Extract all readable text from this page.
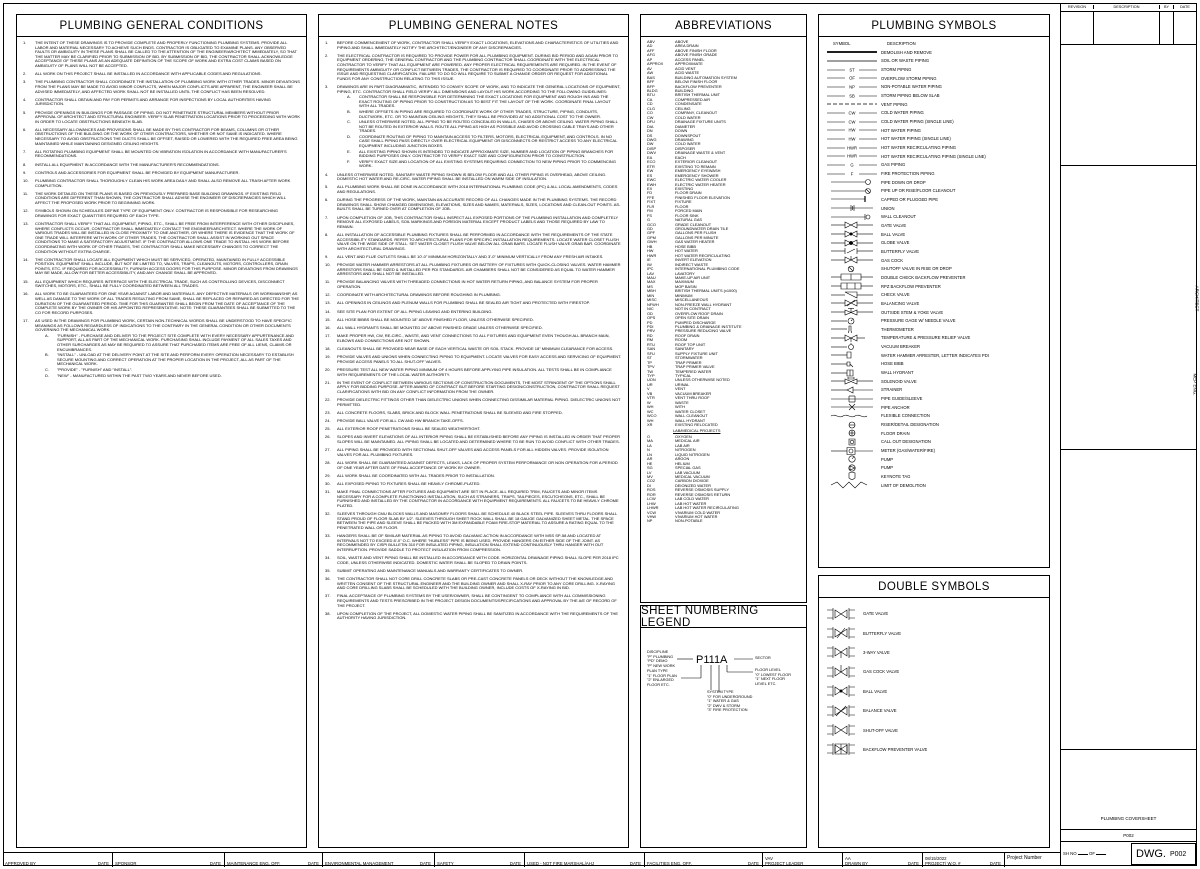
PLUMBING GENERAL CONDITIONS
1.	THE INTENT OF THESE DRAWINGS IS TO PROVIDE COMPLETE AND PROPERLY FUNCTIONING PLUMBING SYSTEMS. PROVIDE ALL LABOR AND MATERIAL NECESSARY TO ACHIEVE SUCH ENDS. CONTRACTOR IS OBLIGATED TO EXAMINE PLANS. ANY OBSERVED FAULTS OR AMBIGUITY IN THESE PLANS SHALL BE CALLED TO THE ATTENTION OF THE ENGINEER/ARCHITECT IMMEDIATELY, SO THAT THE MATTER MAY BE CLARIFIED PRIOR TO SUBMISSION OF BID. BY SUBMISSION OF BID, THE CONTRACTOR SHALL ACKNOWLEDGE ACCEPTANCE OF THESE PLANS AS AN ADEQUATE DEFINITION OF THE SCOPE OF WORK AND EXTRA COST CLAIMS BASED ON AMBIGUITY OF PLANS WILL NOT BE ACCEPTED.
2.	ALL WORK ON THIS PROJECT SHALL BE INSTALLED IN ACCORDANCE WITH APPLICABLE CODES AND REGULATIONS.
3.	THE PLUMBING CONTRACTOR SHALL COORDINATE THE INSTALLATION OF PLUMBING WORK WITH OTHER TRADES. MINOR DEVIATIONS FROM THE PLANS MAY BE MADE TO AVOID MINOR CONFLICTS, WHEN MAJOR CONFLICTS ARE APPARENT, THE ENGINEER SHALL BE ADVISED IMMEDIATELY, AND AFFECTED WORK SHALL NOT BE INSTALLED UNTIL THE CONFLICT HAS BEEN RESOLVED.
4.	CONTRACTOR SHALL OBTAIN AND PAY FOR PERMITS AND ARRANGE FOR INSPECTIONS BY LOCAL AUTHORITIES HAVING JURISDICTION.
5.	PROVIDE OPENINGS IN BUILDINGS FOR PASSAGE OF PIPING. DO NOT PENETRATE STRUCTURAL MEMBERS WITHOUT PRIOR APPROVAL OF ARCHITECT AND STRUCTURAL ENGINEER. VERIFY SLAB PENETRATION LOCATIONS PRIOR TO PROCEEDING WITH WORK IN ORDER TO LOCATE OBSTRUCTIONS BENEATH SLAB.
6.	ALL NECESSARY ALLOWANCES AND PROVISIONS SHALL BE MADE BY THIS CONTRACTOR FOR BEAMS, COLUMNS OR OTHER OBSTRUCTIONS OF THE BUILDING OR THE WORK OF OTHER CONTRACTORS, WHETHER OR NOT SAME IS INDICATED. WHERE NECESSARY TO AVOID OBSTRUCTIONS THE DUCTS SHALL BE OFFSET, RAISED OR LOWERED WITH THE REQUIRED FREE AREA BEING MAINTAINED WHILE MAINTAINING DESIGNED CEILING HEIGHTS.
7.	ALL ROTATING PLUMBING EQUIPMENT SHALL BE MOUNTED ON VIBRATION ISOLATION IN ACCORDANCE WITH MANUFACTURER'S RECOMMENDATIONS.
8.	INSTALL ALL EQUIPMENT IN ACCORDANCE WITH THE MANUFACTURER'S RECOMMENDATIONS.
9.	CONTROLS AND ACCESSORIES FOR EQUIPMENT SHALL BE PROVIDED BY EQUIPMENT MANUFACTURER.
10.	PLUMBING CONTRACTOR SHALL THOROUGHLY CLEAN HIS WORK AREA DAILY AND SHALL ALSO REMOVE ALL TRASH AFTER WORK COMPLETION.
11.	THE WORK DETAILED ON THESE PLANS IS BASED ON PREVIOUSLY PREPARED BASE BUILDING DRAWINGS. IF EXISTING FIELD CONDITIONS ARE DIFFERENT THAN SHOWN, THE CONTRACTOR SHALL ADVISE THE ENGINEER OF DISCREPANCIES WHICH WILL AFFECT THE PROPOSED WORK PRIOR TO BEGINNING WORK.
12.	SYMBOLS SHOWN ON SCHEDULES DEFINE TYPE OF EQUIPMENT ONLY. CONTRACTOR IS RESPONSIBLE FOR RESEARCHING DRAWINGS FOR EXACT QUANTITIES REQUIRED OF EACH TYPE.
13.	CONTRACTOR SHALL VERIFY THAT ALL EQUIPMENT, PIPING, ETC., SHALL BE FREE FROM INTERFERENCE WITH OTHER DISCIPLINES, WHERE CONFLICTS OCCUR, CONTRACTOR SHALL IMMEDIATELY CONTACT THE ENGINEER/ARCHITECT. WHERE THE WORK OF VARIOUS TRADES WILL BE INSTALLED IN CLOSE PROXIMITY TO ONE ANOTHER, OR WHERE THERE IS EVIDENCE THAT THE WORK OF ONE TRADE WILL INTERFERE WITH WORK OF OTHER TRADES, THE CONTRACTOR SHALL ASSIST IN WORKING OUT SPACE CONDITIONS TO MAKE A SATISFACTORY ADJUSTMENT. IF THE CONTRACTOR ALLOWS ONE TRADE TO INSTALL HIS WORK BEFORE COORDINATING WITH WORK OF OTHER TRADES, THE CONTRACTOR SHALL MAKE NECESSARY CHANGES TO CORRECT THE CONDITION WITHOUT EXTRA CHARGE.
14.	THE CONTRACTOR SHALL LOCATE ALL EQUIPMENT WHICH MUST BE SERVICED, OPERATED, MAINTAINED IN FULLY ACCESSIBLE POSITION. EQUIPMENT SHALL INCLUDE, BUT NOT BE LIMITED TO, VALVES, TRAPS, CLEANOUTS, MOTORS, CONTROLLERS, DRAIN POINTS, ETC. IF REQUIRED FOR ACCESSIBILITY, FURNISH ACCESS DOORS FOR THIS PURPOSE. MINOR DEVIATIONS FROM DRAWINGS MAY BE MADE, ALLOW FOR BETTER ACCESSIBILITY, AND ANY CHANGE SHALL BE APPROVED.
15.	ALL EQUIPMENT WHICH REQUIRES INTERFACE WITH THE ELECTRICAL TRADE, SUCH AS CONTROLLING DEVICES, DISCONNECT SWITCHES, MOTORS, ETC., SHALL BE FULLY COORDINATED BETWEEN ALL TRADES.
16.	ALL WORK TO BE GUARANTEED FOR ONE YEAR AGAINST LABOR AND MATERIALS. ANY DEFECTIVE MATERIALS OR WORKMANSHIP, AS WELL AS DAMAGE TO THE WORK OF ALL TRADES RESULTING FROM SAME, SHALL BE REPLACED OR REPAIRED AS DIRECTED FOR THE DURATION OF THE GUARANTEED PERIOD. TIME FOR THIS GUARANTEE SHALL BEGIN FROM THE DATE OF ACCEPTANCE OF THE COMPLETE WORK BY THE OWNER OR HIS APPOINTED REPRESENTATIVE. NOTE: THESE GUARANTEES SHALL BE SUBMITTED TO THE CO FOR RECORD PURPOSES.
17.	AS USED IN THE DRAWINGS FOR PLUMBING WORK, CERTAIN NON-TECHNICAL WORDS SHALL BE UNDERSTOOD TO HAVE SPECIFIC MEANINGS AS FOLLOWS REGARDLESS OF INDICATIONS TO THE CONTRARY IN THE GENERAL CONDITION OR OTHER DOCUMENTS GOVERNING THE MECHANICAL WORK.
A.	"FURNISH" - PURCHASE AND DELIVER TO THE PROJECT SITE COMPLETE WITH EVERY NECESSARY APPURTENANCE AND SUPPORT, ALL AS PART OF THE MECHANICAL WORK. PURCHASING SHALL INCLUDE PAYMENT OF ALL SALES TAXES AND OTHER SURCHARGES AS MAY BE REQUIRED TO ASSURE THAT PURCHASED ITEMS ARE FREE OF ALL LIENS, CLAIMS OR ENCUMBRANCES.
B.	"INSTALL" - UNLOAD AT THE DELIVERY POINT AT THE SITE AND PERFORM EVERY OPERATION NECESSARY TO ESTABLISH SECURE MOUNTING AND CORRECT OPERATION AT THE PROPER LOCATION IN THE PROJECT, ALL AS PART OF THE MECHANICAL WORK.
C.	"PROVIDE" - "FURNISH" AND "INSTALL".
D.	"NEW" - MANUFACTURED WITHIN THE PAST TWO YEARS AND NEVER BEFORE USED.
PLUMBING GENERAL NOTES
1.	BEFORE COMMENCEMENT OF WORK, CONTRACTOR SHALL VERIFY EXACT LOCATIONS, ELEVATIONS AND CHARACTERISTICS OF UTILITIES AND PIPING AND SHALL IMMEDIATELY NOTIFY THE ARCHITECT/ENGINEER OF ANY DISCREPANCIES.
2.	THE ELECTRICAL CONTRACTOR IS REQUIRED TO PROVIDE POWER FOR ALL PLUMBING EQUIPMENT. DURING BID PERIOD AND AGAIN PRIOR TO EQUIPMENT ORDERING, THE GENERAL CONTRACTOR AND THE PLUMBING CONTRACTOR SHALL COORDINATE WITH THE ELECTRICAL CONTRACTOR TO VERIFY THAT ALL EQUIPMENT ARE POWERED. ANY PROPER ELECTRICAL REQUIREMENTS ARE REQUIRED. IN THE EVENT OF REQUIREMENTS AMBIGUITY OR CONFLICT BETWEEN TRADES, THE CONTRACTOR IS REQUIRED TO COORDINATE PRIOR TO ADDRESSING THE ISSUE AND REQUESTING CLARIFICATION. FAILURE TO DO SO WILL REQUIRE TO SUBMIT A CHANGE ORDER OR REQUEST FOR ADDITIONAL FUNDS FOR ANY CONSTRUCTION RELATING TO THIS ISSUE.
3.	DRAWINGS ARE IN PART DIAGRAMMATIC, INTENDED TO CONVEY SCOPE OF WORK, AND TO INDICATE THE GENERAL LOCATIONS OF EQUIPMENT, PIPING, ETC. CONTRACTOR SHALL FIELD VERIFY ALL DIMENSIONS AND LAYOUT HIS WORK ACCORDING TO THE FOLLOWING GUIDELINES:
A.	CONTRACTOR SHALL BE RESPONSIBLE FOR DETERMINING THE EXACT LOCATIONS FOR EQUIPMENT AND ROUGH INS AND THE EXACT ROUTING OF PIPING PRIOR TO CONSTRUCTION AS TO BEST FIT THE LAYOUT OF THE WORK. COORDINATE FINAL LAYOUT WITH ALL TRADES.
B.	WHERE OFFSETS IN PIPING ARE REQUIRED TO COORDINATE WORK OF OTHER TRADES, STRUCTURE, PIPING, CONDUITS, DUCTWORK, ETC. OR TO MAINTAIN CEILING HEIGHTS, THEY SHALL BE PROVIDED AT NO ADDITIONAL COST TO THE OWNER.
C.	UNLESS OTHERWISE NOTED, ALL PIPING TO BE ROUTED CONCEALED IN WALLS, CHASES OR ABOVE CEILING. WATER PIPING SHALL NOT BE ROUTED IN EXTERIOR WALLS. ROUTE ALL PIPING AS HIGH AS POSSIBLE AND AVOID CROSSING CABLE TRAYS AND OTHER TRADES.
D.	COORDINATE ROUTING OF PIPING TO MAINTAIN ACCESS TO FILTERS, MOTORS, ELECTRICAL EQUIPMENT, AND CONTROLS. IN NO CASE SHALL PIPING PASS DIRECTLY OVER ELECTRICAL EQUIPMENT OR DISCONNECTS OR RESTRICT ACCESS TO ANY ELECTRICAL EQUIPMENT INCLUDING JUNCTION BOXES.
E.	ALL EXISTING PIPING SHOWN IS INTENDED TO INDICATE APPROXIMATE SIZE, NUMBER AND LOCATION OF PIPING BRANCHES FOR BIDDING PURPOSES ONLY. CONTRACTOR TO VERIFY EXACT SIZE AND CONFIGURATION PRIOR TO CONSTRUCTION.
F.	VERIFY EXACT SIZE AND LOCATION OF ALL EXISTING SYSTEMS REQUIRING CONNECTION TO NEW PIPING PRIOR TO COMMENCING WORK.
4.	UNLESS OTHERWISE NOTED, SANITARY WASTE PIPING SHOWN IS BELOW FLOOR AND ALL OTHER PIPING IS OVERHEAD, ABOVE CEILING. DOMESTIC HOT WATER AND RE-CIRC. WATER PIPING SHALL BE INSTALLED ON WARM SIDE OF INSULATION.
5.	ALL PLUMBING WORK SHALL BE DONE IN ACCORDANCE WITH 2018 INTERNATIONAL PLUMBING CODE (IPC) & ALL LOCAL AMENDMENTS, CODES AND REGULATIONS.
6.	DURING THE PROGRESS OF THE WORK, MAINTAIN AN ACCURATE RECORD OF ALL CHANGES MADE IN THE PLUMBING SYSTEMS. THE RECORD DRAWINGS SHALL SHOW CHANGED DIMENSIONS, ELEVATIONS, SIZES AND NAMES, MATERIALS, SIZES, LOCATIONS AND CLEAN-OUT POINTS. AS-BUILTS SHALL BE TURNED OVER AT COMPLETION OF JOB.
7.	UPON COMPLETION OF JOB, THIS CONTRACTOR SHALL INSPECT ALL EXPOSED PORTIONS OF THE PLUMBING INSTALLATION AND COMPLETELY REMOVE ALL EXPOSED LABELS, SOIL MARKINGS AND FOREIGN MATERIAL EXCEPT PRODUCT LABELS AND THOSE REQUIRED BY LAW TO REMAIN.
8.	ALL INSTALLATION OF ACCESSIBLE PLUMBING FIXTURES SHALL BE PERFORMED IN ACCORDANCE WITH THE REQUIREMENTS OF THE STATE ACCESSIBILITY STANDARDS. REFER TO ARCHITECTURAL PLANS FOR SPECIFIC INSTALLATION REQUIREMENTS. LOCATE WATER CLOSET FLUSH VALVE ON THE WIDE SIDE OF STALL. SET WATER CLOSET FLUSH VALVE BELOW ALL GRAB BARS. LOCATE FLUSH VALVE GRAB BAR. COORDINATE WITH ARCHITECTURAL DRAWINGS.
9.	ALL VENT AND FLUE OUTLETS SHALL BE 10'-0" MINIMUM HORIZONTALLY AND 3'-0" MINIMUM VERTICALLY FROM ANY FRESH AIR INTAKES.
10.	PROVIDE WATER HAMMER ARRESTORS AT ALL PLUMBING FIXTURES OR BATTERY OF FIXTURES WITH QUICK-CLOSING VALVES. WATER HAMMER ARRESTORS SHALL BE SIZED & INSTALLED PER PDI STANDARDS. AIR CHAMBERS SHALL NOT BE CONSIDERED AS EQUAL TO WATER HAMMER ARRESTORS AND SHALL NOT BE INSTALLED.
11.	PROVIDE BALANCING VALVES WITH THREADED CONNECTIONS IN HOT WATER RETURN PIPING, AND BALANCE SYSTEM FOR PROPER OPERATION.
12.	COORDINATE WITH ARCHITECTURAL DRAWINGS BEFORE ROUGHING IN PLUMBING.
13.	ALL OPENINGS IN CEILINGS AND PLENUM WALLS FOR PLUMBING SHALL BE SEALED AIR TIGHT AND PROTECTED WITH FIRESTOP.
14.	SEE SITE PLAN FOR EXTENT OF ALL PIPING LEAVING AND ENTERING BUILDING.
15.	ALL HOSE BIBBS SHALL BE MOUNTED 18" ABOVE FINISHED FLOOR, UNLESS OTHERWISE SPECIFIED.
16.	ALL WALL HYDRANTS SHALL BE MOUNTED 24" ABOVE FINISHED GRADE UNLESS OTHERWISE SPECIFIED.
17.	MAKE PROPER HW, CW, RE-CIRC., WASTE, AND VENT CONNECTIONS TO ALL FIXTURES AND EQUIPMENT EVEN THOUGH ALL BRANCH MAIN, ELBOWS AND CONNECTIONS ARE NOT SHOWN.
18.	CLEANOUTS SHALL BE PROVIDED NEAR BASE OF EACH VERTICAL WASTE OR SOIL STACK. PROVIDE 18" MINIMUM CLEARANCE FOR ACCESS.
19.	PROVIDE VALVES AND UNIONS WHEN CONNECTING PIPING TO EQUIPMENT. LOCATE VALVES FOR EASY ACCESS AND SERVICING OF EQUIPMENT. PROVIDE ACCESS PANELS TO ALL SHUT-OFF VALVES.
20.	PRESSURE TEST ALL NEW WATER PIPING MINIMUM OF 4 HOURS BEFORE APPLYING PIPE INSULATION. ALL TESTS SHALL BE IN COMPLIANCE WITH REQUIREMENTS OF THE LOCAL WATER AUTHORITY.
21.	IN THE EVENT OF CONFLICT BETWEEN VARIOUS SECTIONS OF CONSTRUCTION DOCUMENTS, THE MOST STRINGENT OF THE OPTIONS SHALL APPLY FOR BIDDING PURPOSE. AFTER AWARD OF CONTRACT BUT BEFORE STARTING DESIGN/CONSTRUCTION, CONTRACTOR SHALL REQUEST CLARIFICATIONS WITH BID ON ANY CONFLICT INFORMATION FROM THE OWNER.
22.	PROVIDE DIELECTRIC FITTINGS OTHER THAN DIELECTRIC UNIONS WHEN CONNECTING DISSIMILAR MATERIAL PIPING. DIELECTRIC UNIONS NOT PERMITTED.
23.	ALL CONCRETE FLOORS, SLABS, BRICK AND BLOCK WALL PENETRATIONS SHALL BE SLEEVED AND FIRE STOPPED.
24.	PROVIDE BALL VALVE FOR ALL CW AND HW BRANCH TAKE-OFFS.
25.	ALL EXTERIOR ROOF PENETRATIONS SHALL BE SEALED WEATHERTIGHT.
26.	SLOPES AND INVERT ELEVATIONS OF ALL INTERIOR PIPING SHALL BE ESTABLISHED BEFORE ANY PIPING IS INSTALLED IN ORDER THAT PROPER SLOPES WILL BE MAINTAINED. ALL PIPING SHALL BE LOCATED AND DETERMINED WHERE TO BE RUN TO AVOID CONFLICT WITH OTHER TRADES.
27.	ALL PIPING SHALL BE PROVIDED WITH SECTIONAL SHUT-OFF VALVES AND ACCESS PANELS FOR ALL HIDDEN VALVES. PROVIDE ISOLATION VALVES FOR ALL PLUMBING FIXTURES.
28.	ALL WORK SHALL BE GUARANTEED AGAINST DEFECTS, LEAKS, LACK OF PROPER SYSTEM PERFORMANCE OR NON OPERATION FOR A PERIOD OF ONE YEAR AFTER DATE OF FINAL ACCEPTANCE OF WORK BY OWNER.
29.	ALL WORK SHALL BE COORDINATED WITH ALL TRADES PRIOR TO INSTALLATION.
30.	ALL EXPOSED PIPING TO FIXTURES SHALL BE HEAVILY CHROME-PLATED.
31.	MAKE FINAL CONNECTIONS AFTER FIXTURES AND EQUIPMENT ARE SET IN PLACE. ALL REQUIRED TRIM, FAUCETS AND MINOR ITEMS NECESSARY FOR A COMPLETE FUNCTIONING INSTALLATION, SUCH AS STRAINERS, TRAPS, TAILPIECES, ESCUTCHEONS, ETC., SHALL BE FURNISHED AND INSTALLED BY THE CONTRACTOR IN ACCORDANCE WITH EQUIPMENT REQUIREMENTS. ALL FAUCETS TO BE HEAVILY CHROME PLATED.
32.	SLEEVES THROUGH CMU BLOCKS WALLS AND MASONRY FLOORS SHALL BE SCHEDULE 40 BLACK STEEL PIPE. SLEEVES THRU FLOORS SHALL STAND PROUD OF FLOOR SLAB BY 1/2". SLEEVES THROUGH SHEET ROCK WALL SHALL BE 18 GAUGE GALVANIZED SHEET METAL. THE SPACE BETWEEN THE PIPE AND SLEEVE SHALL BE PACKED WITH 3M EXPANDABLE FOAM FIRE-STOP MATERIAL TO ASSURE A RATING EQUAL TO THE PENETRATED WALL OR FLOOR.
33.	HANGERS SHALL BE OF SIMILAR MATERIAL AS PIPING TO AVOID GALVANIC ACTION IN ACCORDANCE WITH MSS SP-58 AND LOCATED AT INTERVALS NOT TO EXCEED 8'-0" O.C. WHERE "HUBLESS" PIPE IS BEING USED, PROVIDE HANGERS ON EITHER SIDE OF THE JOINT. AS RECOMMENDED BY CISPI BULLETIN 310 FOR INSULATED PIPING, INSULATION SHALL EXTEND CONTINUOUSLY THRU HANGER WITH OUT INTERRUPTION. PROVIDE SADDLE TO PROTECT INSULATION FROM COMPRESSION.
34.	SOIL, WASTE AND VENT PIPING SHALL BE INSTALLED IN ACCORDANCE WITH CODE. HORIZONTAL DRAINAGE PIPING SHALL SLOPE PER 2018 IPC CODE, UNLESS OTHERWISE INDICATED. DOMESTIC WATER SHALL BE SLOPED TO DRAIN POINTS.
35.	SUBMIT OPERATING AND MAINTENANCE MANUALS AND WARRANTY CERTIFICATES TO OWNER.
36.	THE CONTRACTOR SHALL NOT CORE DRILL CONCRETE SLABS OR PRE-CAST CONCRETE PANELS OR DECK WITHOUT THE KNOWLEDGE AND WRITTEN CONSENT OF THE STRUCTURAL ENGINEER AND THE BUILDING OWNER AND SHALL X-RAY PRIOR TO ANY CORE DRILLING. X-RAYING AND CORE DRILLING SLABS SHALL BE SCHEDULED WITH THE BUILDING OWNER, INCLUDE COSTS OF X-RAYING IN BID.
37.	FINAL ACCEPTANCE OF PLUMBING SYSTEMS BY THE USER/OWNER, SHALL BE CONTINGENT TO COMPLIANCE WITH ALL COMMISSIONING REQUIREMENTS AND TESTS PRESCRIBED IN THE PROJECT DESIGN DOCUMENTS/SPECIFICATIONS AND APPROVAL BY THE A/E OF RECORD OF THE PROJECT.
38.	UPON COMPLETION OF THE PROJECT, ALL DOMESTIC WATER PIPING SHALL BE SANITIZED IN ACCORDANCE WITH THE REQUIREMENTS OF THE AUTHORITY HAVING JURISDICTION.
ABBREVIATIONS
ABV	ABOVE
AD	AREA DRAIN
AFF	ABOVE FINISH FLOOR
AFG	ABOVE FINISH GRADE
AP	ACCESS PANEL
APPROX	APPROXIMATE
AV	ACID VENT
AW	ACID WASTE
BAS	BUILDING AUTOMATION SYSTEM
BFF	BELOW FINISH FLOOR
BFP	BACKFLOW PREVENTER
BLDG	BUILDING
BTU	BRITISH THERMAL UNIT
CA	COMPRESSED AIR
CD	CONDENSATE
CLG	CEILING
CO	COMPANY, CLEANOUT
CW	COLD WATER
DFU	DRAINAGE FIXTURE UNITS
DIA	DIAMETER
DN	DOWN
DS	DOWNSPOUT
DWG	DRAWING
DW	COLD WATER
DISP	DISPOSER
DWV	DRAINAGE WASTE & VENT
EA	EACH
ECO	EXTERIOR CLEANOUT
ETR	EXISTING TO REMAIN
EW	EMERGENCY EYEWASH
ES	EMERGENCY SHOWER
EWC	ELECTRIC WATER COOLER
EWH	ELECTRIC WATER HEATER
EX	EXISTING
FD	FLOOR DRAIN
FFE	FINISHED FLOOR ELEVATION
FIXT	FIXTURE
FLR	FLOOR
FM	FORCED MAIN
FS	FLOOR SINK
G	NATURAL GAS
GCO	GRADE CLEANOUT
GD	GROUNDWATER DRAIN TILE
GPF	GALLONS PER FLUSH
GPM	GALLONS PER MINUTE
GWH	GAS WATER HEATER
HB	HOSE BIBB
HW	HOT WATER
HWR	HOT WATER RECIRCULATING
IE	INVERT ELEVATION
IW	INDIRECT WASTE
IPC	INTERNATIONAL PLUMBING CODE
LAV	LAVATORY
MAU	MAKE-UP AIR UNIT
MAX	MAXIMUM
MS	MOP BASIN
MBH	BRITISH THERMAL UNITS (x1000)
MIN	MINIMUM
MISC	MISCELLANEOUS
NFWH	NON-FREEZE WALL HYDRANT
NIC	NOT IN CONTRACT
OD	OVERFLOW ROOF DRAIN
OPS	OPEN SITE DRAIN
PD	PUMPED DISCHARGE
PDI	PLUMBING & DRAINAGE INSTITUTE
PRV	PRESSURE REDUCING VALVE
RD	ROOF DRAIN
RM	ROOM
RTU	ROOF TOP UNIT
SAN	SANITARY
SFU	SUPPLY FIXTURE UNIT
ST	STORMWATER
TP	TRAP PRIMER
TPV	TRAP PRIMER VALVE
TW	TEMPERED WATER
TYP	TYPICAL
UON	UNLESS OTHERWISE NOTED
UR	URINAL
V	VENT
VB	VACUUM BREAKER
VTR	VENT THRU ROOF
W	WASTE
WH	WITH
WC	WATER CLOSET
WCO	WALL CLEANOUT
WH	WALL HYDRANT
XR	EXISTING RELOCATED
LAB/MEDICAL PROJECTS
O	OXYGEN
MA	MEDICAL AIR
LA	LAB AIR
N	NITROGEN
LN	LIQUID NITROGEN
AR	ARGON
HE	HELIUM
SG	SPECIAL GAS
LV	LAB VACUUM
MV	MEDICAL VACUUM
CO2	CARBON DIOXIDE
DI	DEIONIZED WATER
ROS	REVERSE OSMOSIS SUPPLY
ROR	REVERSE OSMOSIS RETURN
LCW	LAB COLD WATER
LHW	LAB HOT WATER
LHWR	LAB HOT WATER RECIRCULATING
VCW	VIVARIUM COLD WATER
VHW	VIVARIUM HOT WATER
NP	NON-POTABLE
SHEET NUMBERING LEGEND
P111A
DISCIPLINE
"P" PLUMBING
"PD" DEMO
"P" NEW WORK
PLAN TYPE
"1" FLOOR PLAN
"2" ENLARGED
FLOOR ETC.
SECTOR
FLOOR LEVEL
"0" LOWEST FLOOR
"1" NEXT FLOOR
LEVEL ETC.
SYSTEM TYPE
"0" FOR UNDERGROUND
"1" WATER & GAS
"2" DWV & STORM
"3" FIRE PROTECTION
PLUMBING SYMBOLS
SYMBOL	DESCRIPTION
DEMOLISH AND REMOVE
SOIL OR WASTE PIPING
ST	STORM PIPING
OF	OVERFLOW STORM PIPING
NP	NON-POTABLE WATER PIPING
SB	STORM PIPING BELOW SLAB
VENT PIPING
CW	COLD WATER PIPING
CW	COLD WATER PIPING (SINGLE LINE)
HW	HOT WATER PIPING
HW	HOT WATER PIPING (SINGLE LINE)
HWR	HOT WATER RECIRCULATING PIPING
HWR	HOT WATER RECIRCULATING PIPING (SINGLE LINE)
G	GAS PIPING
F	FIRE PROTECTION PIPING
PIPE DOWN OR DROP
PIPE UP OR RISE/FLOOR CLEANOUT
CAPPED OR PLUGGED PIPE
UNION
WALL CLEANOUT
GATE VALVE
BALL VALVE
GLOBE VALVE
BUTTERFLY VALVE
GAS COCK
SHUTOFF VALVE IN RISE OR DROP
DOUBLE CHECK BACKFLOW PREVENTER
RPZ BACKFLOW PREVENTER
CHECK VALVE
BALANCING VALVE
OUTSIDE STEM & YOKE VALVE
PRESSURE GAGE W/ NEEDLE VALVE
THERMOMETER
TEMPERATURE & PRESSURE RELIEF VALVE
VACUUM BREAKER
WATER HAMMER ARRESTER, LETTER INDICATES PDI
HOSE BIBB
WALL HYDRANT
SOLENOID VALVE
STRAINER
PIPE GUIDE/SLEEVE
PIPE ANCHOR
FLEXIBLE CONNECTION
RISER/DETAIL DESIGNATION
FLOOR DRAIN
CALL OUT DESIGNATION
METER (GAS/WATER/FIRE)
PUMP
PUMP
KEYNOTE TAG
LIMIT OF DEMOLITION
DOUBLE SYMBOLS
GATE VALVE
BUTTERFLY VALVE
3-WAY VALVE
GAS COCK VALVE
BALL VALVE
BALANCE VALVE
SHUT-OFF VALVE
BACKFLOW PREVENTER VALVE
REVISION	DESCRIPTION	BY	DATE
ARCHITECT
MEP ENG.
PLUMBING COVERSHEET
P002
SH NO	OF	DWG. P002
APPROVED BY	DATE SPONSOR	DATE MAINTENANCE ENG. OFF.	DATE ENVIRONMENTAL MANAGEMENT	DATE SAFETY	DATE USED - NOT FIRE MARSHAL/AHJ	DATE FACILITIES ENG. OFF.	DATE
VAV
PROJECT LEADER
AA
DRAWN BY	DATE
08/15/2022
PROJECT/ W.O. #	DATE
Project Number
